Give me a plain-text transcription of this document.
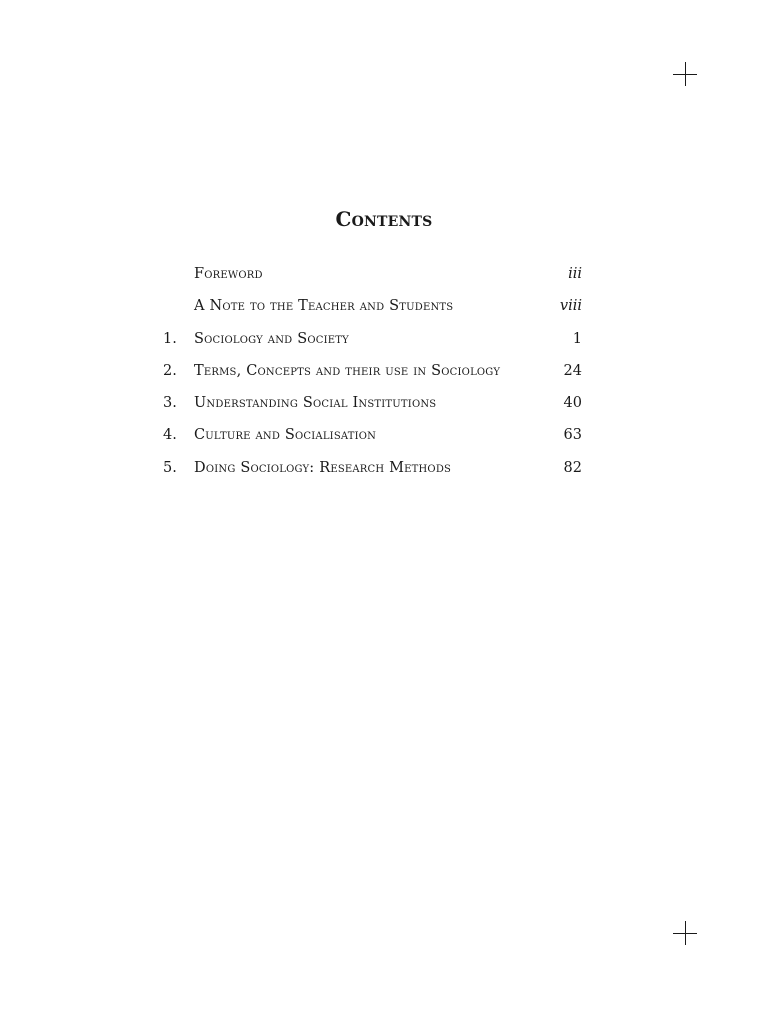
Contents
Foreword	iii
A Note to the Teacher and Students	viii
1. Sociology and Society	1
2. Terms, Concepts and their use in Sociology	24
3. Understanding Social Institutions	40
4. Culture and Socialisation	63
5. Doing Sociology: Research Methods	82
